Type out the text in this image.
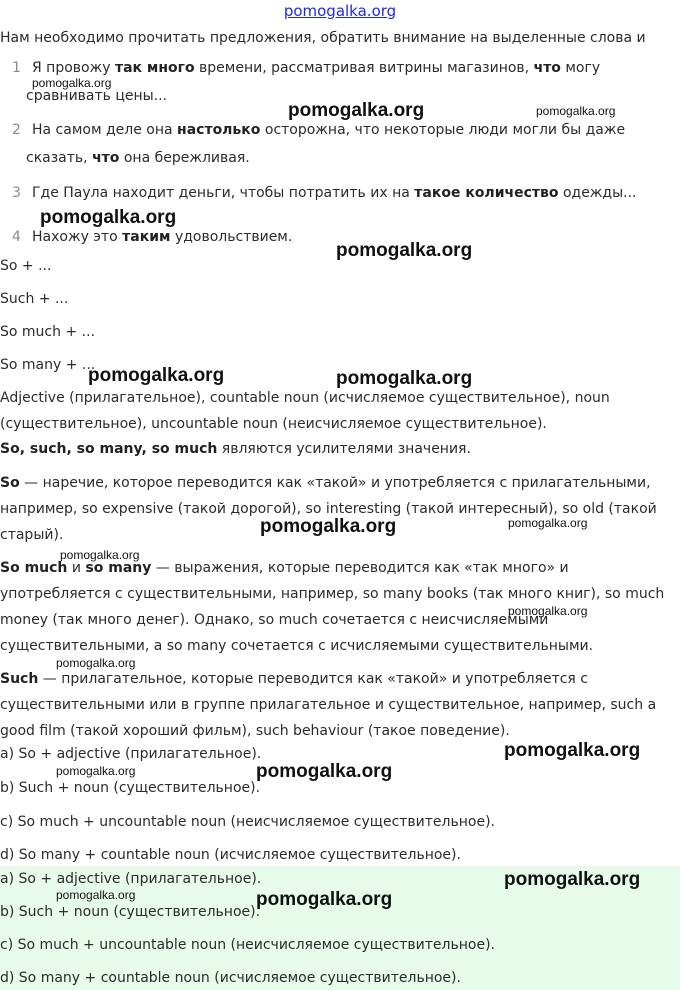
pomogalka.org
Нам необходимо прочитать предложения, обратить внимание на выделенные слова и
1 Я провожу так много времени, рассматривая витрины магазинов, что могу
сравнивать цены...
2 На самом деле она настолько осторожна, что некоторые люди могли бы даже
сказать, что она бережливая.
3 Где Паула находит деньги, чтобы потратить их на такое количество одежды...
4 Нахожу это таким удовольствием.
So + ...
Such + ...
So much + ...
So many + ...
Adjective (прилагательное), countable noun (исчисляемое существительное), noun
(существительное), uncountable noun (неисчисляемое существительное).
So, such, so many, so much являются усилителями значения.
So — наречие, которое переводится как «такой» и употребляется с прилагательными, например, so expensive (такой дорогой), so interesting (такой интересный), so old (такой старый).
So much и so many — выражения, которые переводится как «так много» и употребляется с существительными, например, so many books (так много книг), so much money (так много денег). Однако, so much сочетается с неисчисляемыми существительными, а so many сочетается с исчисляемыми существительными.
Such — прилагательное, которые переводится как «такой» и употребляется с существительными или в группе прилагательное и существительное, например, such a good film (такой хороший фильм), such behaviour (такое поведение).
a) So + adjective (прилагательное).
b) Such + noun (существительное).
c) So much + uncountable noun (неисчисляемое существительное).
d) So many + countable noun (исчисляемое существительное).
a) So + adjective (прилагательное).
b) Such + noun (существительное).
c) So much + uncountable noun (неисчисляемое существительное).
d) So many + countable noun (исчисляемое существительное).
pomogalka.org
pomogalka.org	pomogalka.org
pomogalka.org
pomogalka.org
pomogalka.org	pomogalka.org
pomogalka.org	pomogalka.org
pomogalka.org
pomogalka.org
pomogalka.org
pomogalka.org
pomogalka.org	pomogalka.org
pomogalka.org
pomogalka.org	pomogalka.org
